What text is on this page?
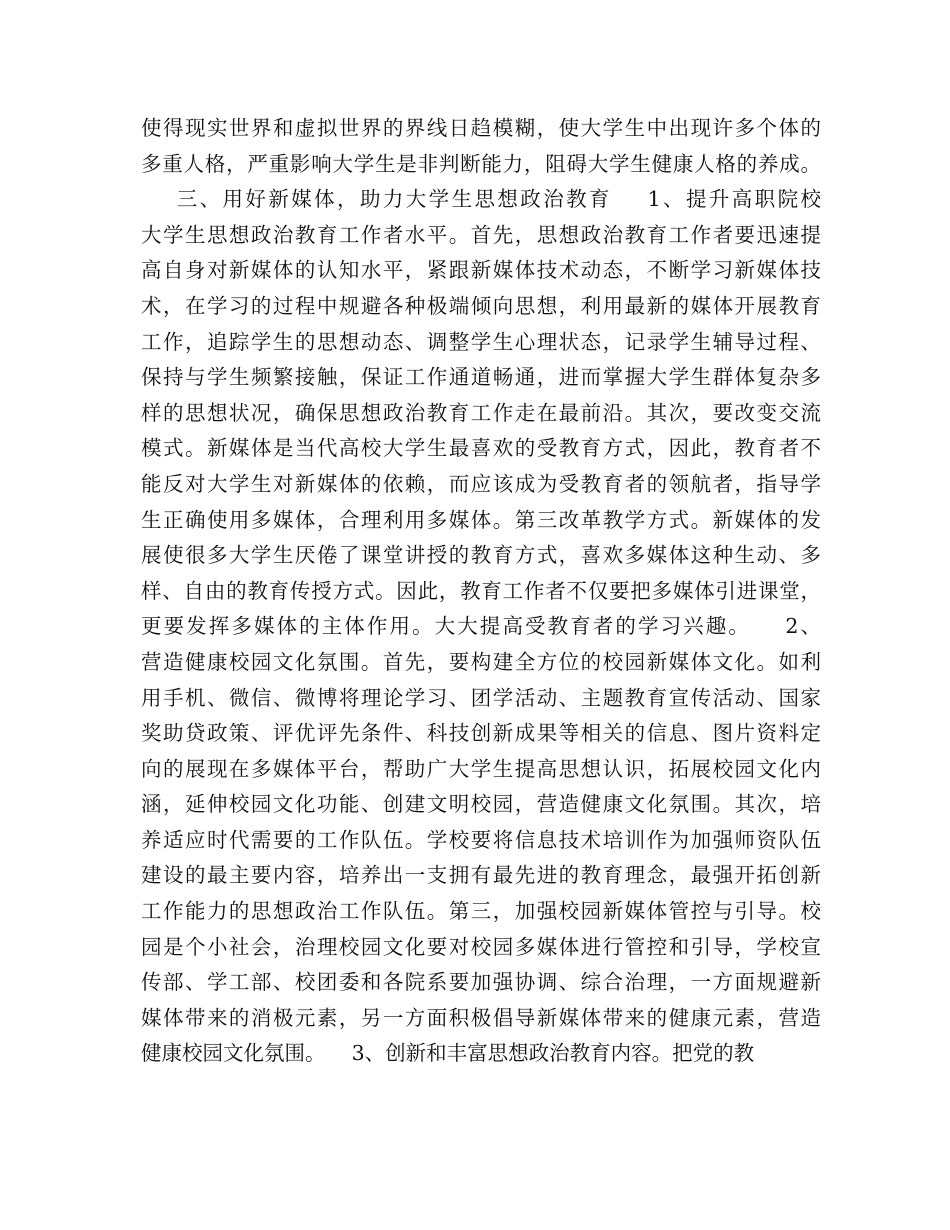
使得现实世界和虚拟世界的界线日趋模糊，使大学生中出现许多个体的
多重人格，严重影响大学生是非判断能力，阻碍大学生健康人格的养成。
三、用好新媒体，助力大学生思想政治教育    1、提升高职院校
大学生思想政治教育工作者水平。首先，思想政治教育工作者要迅速提
高自身对新媒体的认知水平，紧跟新媒体技术动态，不断学习新媒体技
术，在学习的过程中规避各种极端倾向思想，利用最新的媒体开展教育
工作，追踪学生的思想动态、调整学生心理状态，记录学生辅导过程、
保持与学生频繁接触，保证工作通道畅通，进而掌握大学生群体复杂多
样的思想状况，确保思想政治教育工作走在最前沿。其次，要改变交流
模式。新媒体是当代高校大学生最喜欢的受教育方式，因此，教育者不
能反对大学生对新媒体的依赖，而应该成为受教育者的领航者，指导学
生正确使用多媒体，合理利用多媒体。第三改革教学方式。新媒体的发
展使很多大学生厌倦了课堂讲授的教育方式，喜欢多媒体这种生动、多
样、自由的教育传授方式。因此，教育工作者不仅要把多媒体引进课堂，
更要发挥多媒体的主体作用。大大提高受教育者的学习兴趣。    2、
营造健康校园文化氛围。首先，要构建全方位的校园新媒体文化。如利
用手机、微信、微博将理论学习、团学活动、主题教育宣传活动、国家
奖助贷政策、评优评先条件、科技创新成果等相关的信息、图片资料定
向的展现在多媒体平台，帮助广大学生提高思想认识，拓展校园文化内
涵，延伸校园文化功能、创建文明校园，营造健康文化氛围。其次，培
养适应时代需要的工作队伍。学校要将信息技术培训作为加强师资队伍
建设的最主要内容，培养出一支拥有最先进的教育理念，最强开拓创新
工作能力的思想政治工作队伍。第三，加强校园新媒体管控与引导。校
园是个小社会，治理校园文化要对校园多媒体进行管控和引导，学校宣
传部、学工部、校团委和各院系要加强协调、综合治理，一方面规避新
媒体带来的消极元素，另一方面积极倡导新媒体带来的健康元素，营造
健康校园文化氛围。    3、创新和丰富思想政治教育内容。把党的教
